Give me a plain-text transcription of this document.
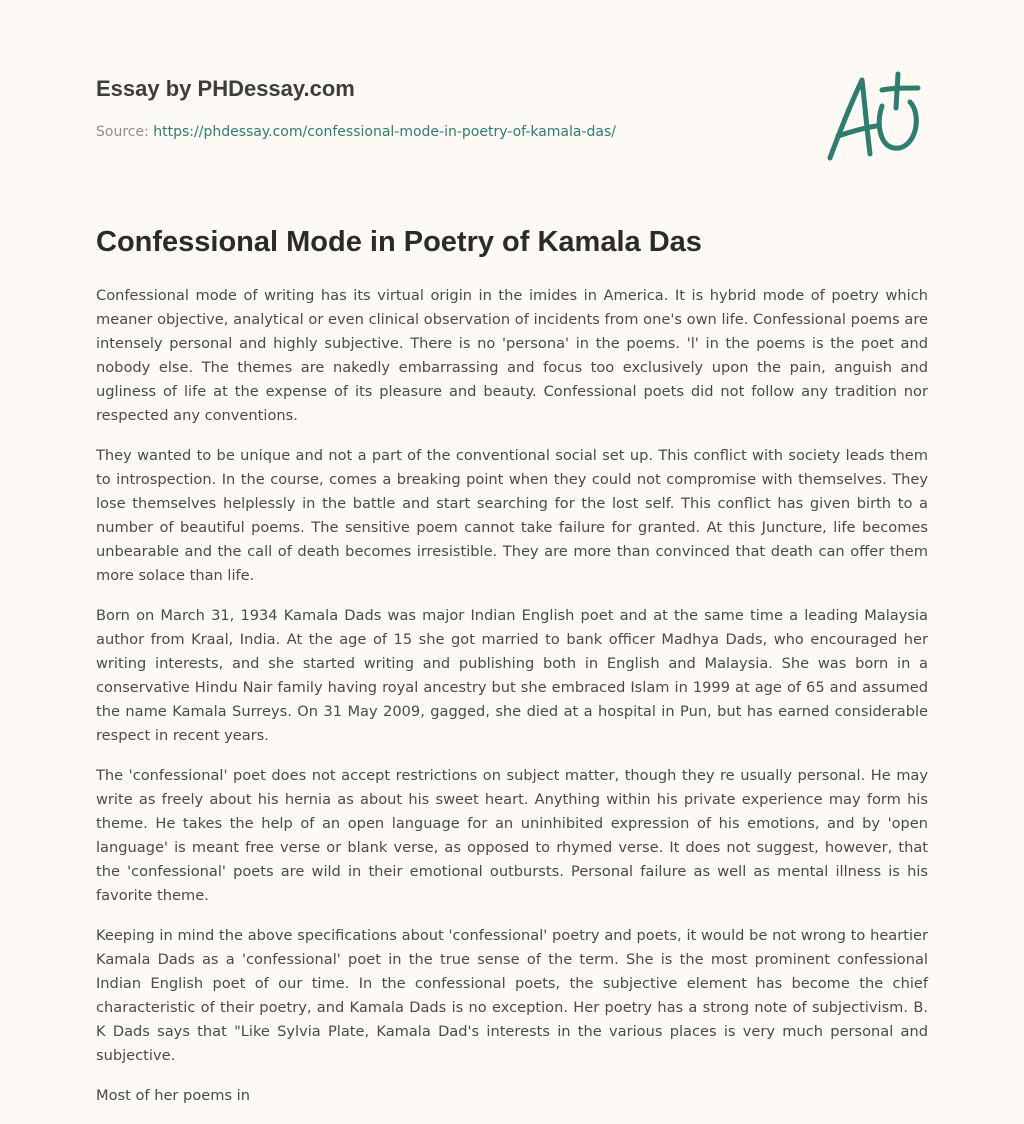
Essay by PHDessay.com

Source: https://phdessay.com/confessional-mode-in-poetry-of-kamala-das/

Confessional Mode in Poetry of Kamala Das

Confessional mode of writing has its virtual origin in the imides in America. It is hybrid mode of poetry which meaner objective, analytical or even clinical observation of incidents from one's own life. Confessional poems are intensely personal and highly subjective. There is no 'persona' in the poems. 'l' in the poems is the poet and nobody else. The themes are nakedly embarrassing and focus too exclusively upon the pain, anguish and ugliness of life at the expense of its pleasure and beauty. Confessional poets did not follow any tradition nor respected any conventions.

They wanted to be unique and not a part of the conventional social set up. This conflict with society leads them to introspection. In the course, comes a breaking point when they could not compromise with themselves. They lose themselves helplessly in the battle and start searching for the lost self. This conflict has given birth to a number of beautiful poems. The sensitive poem cannot take failure for granted. At this Juncture, life becomes unbearable and the call of death becomes irresistible. They are more than convinced that death can offer them more solace than life.

Born on March 31, 1934 Kamala Dads was major Indian English poet and at the same time a leading Malaysia author from Kraal, India. At the age of 15 she got married to bank officer Madhya Dads, who encouraged her writing interests, and she started writing and publishing both in English and Malaysia. She was born in a conservative Hindu Nair family having royal ancestry but she embraced Islam in 1999 at age of 65 and assumed the name Kamala Surreys. On 31 May 2009, gagged, she died at a hospital in Pun, but has earned considerable respect in recent years.

The 'confessional' poet does not accept restrictions on subject matter, though they re usually personal. He may write as freely about his hernia as about his sweet heart. Anything within his private experience may form his theme. He takes the help of an open language for an uninhibited expression of his emotions, and by 'open language' is meant free verse or blank verse, as opposed to rhymed verse. It does not suggest, however, that the 'confessional' poets are wild in their emotional outbursts. Personal failure as well as mental illness is his favorite theme.

Keeping in mind the above specifications about 'confessional' poetry and poets, it would be not wrong to heartier Kamala Dads as a 'confessional' poet in the true sense of the term. She is the most prominent confessional Indian English poet of our time. In the confessional poets, the subjective element has become the chief characteristic of their poetry, and Kamala Dads is no exception. Her poetry has a strong note of subjectivism. B. K Dads says that "Like Sylvia Plate, Kamala Dad's interests in the various places is very much personal and subjective.

Most of her poems in
